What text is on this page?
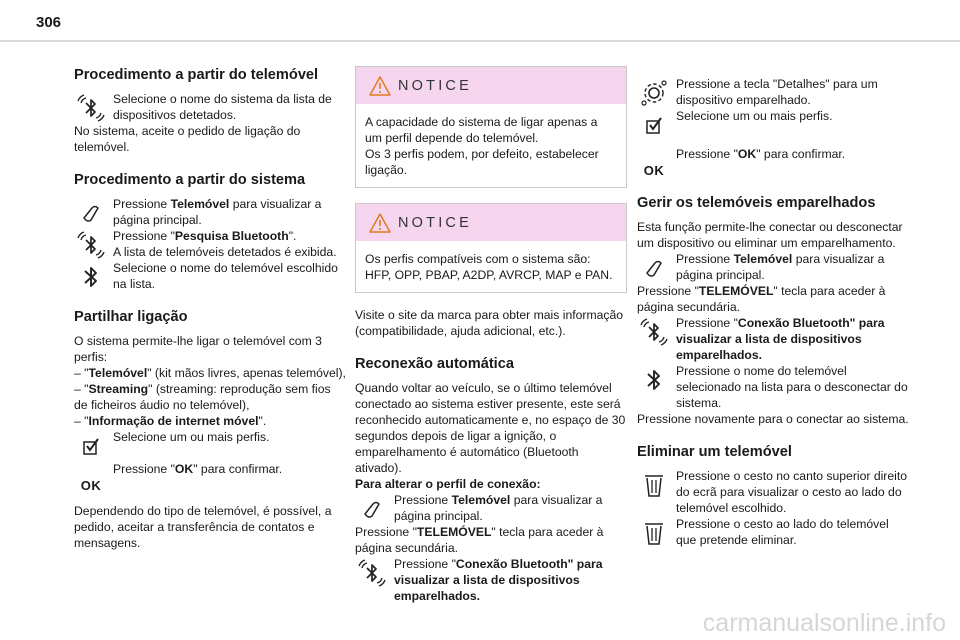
306
Procedimento a partir do telemóvel
Selecione o nome do sistema da lista de dispositivos detetados.

No sistema, aceite o pedido de ligação do telemóvel.

Procedimento a partir do sistema
Pressione Telemóvel para visualizar a página principal.
Pressione "Pesquisa Bluetooth".
A lista de telemóveis detetados é exibida.
Selecione o nome do telemóvel escolhido na lista.
Partilhar ligação

O sistema permite-lhe ligar o telemóvel com 3 perfis:

– "Telemóvel" (kit mãos livres, apenas telemóvel),

– "Streaming" (streaming: reprodução sem fios de ficheiros áudio no telemóvel),

– "Informação de internet móvel".

Selecione um ou mais perfis.
OK
Pressione "OK" para confirmar.

Dependendo do tipo de telemóvel, é possível, a pedido, aceitar a transferência de contatos e mensagens.

NOTICE

A capacidade do sistema de ligar apenas a um perfil depende do telemóvel.

Os 3 perfis podem, por defeito, estabelecer ligação.

NOTICE

Os perfis compatíveis com o sistema são: HFP, OPP, PBAP, A2DP, AVRCP, MAP e PAN.

Visite o site da marca para obter mais informação (compatibilidade, ajuda adicional, etc.).

Reconexão automática

Quando voltar ao veículo, se o último telemóvel conectado ao sistema estiver presente, este será reconhecido automaticamente e, no espaço de 30 segundos depois de ligar a ignição, o emparelhamento é automático (Bluetooth ativado).

Para alterar o perfil de conexão:

Pressione Telemóvel para visualizar a página principal.

Pressione "TELEMÓVEL" tecla para aceder à página secundária.

Pressione "Conexão Bluetooth" para visualizar a lista de dispositivos emparelhados.
Pressione a tecla "Detalhes" para um dispositivo emparelhado.
Selecione um ou mais perfis.
OK
Pressione "OK" para confirmar.
Gerir os telemóveis emparelhados

Esta função permite-lhe conectar ou desconectar um dispositivo ou eliminar um emparelhamento.

Pressione Telemóvel para visualizar a página principal.

Pressione "TELEMÓVEL" tecla para aceder à página secundária.

Pressione "Conexão Bluetooth" para visualizar a lista de dispositivos emparelhados.
Pressione o nome do telemóvel selecionado na lista para o desconectar do sistema.

Pressione novamente para o conectar ao sistema.

Eliminar um telemóvel
Pressione o cesto no canto superior direito do ecrã para visualizar o cesto ao lado do telemóvel escolhido.
Pressione o cesto ao lado do telemóvel que pretende eliminar.
carmanualsonline.info
